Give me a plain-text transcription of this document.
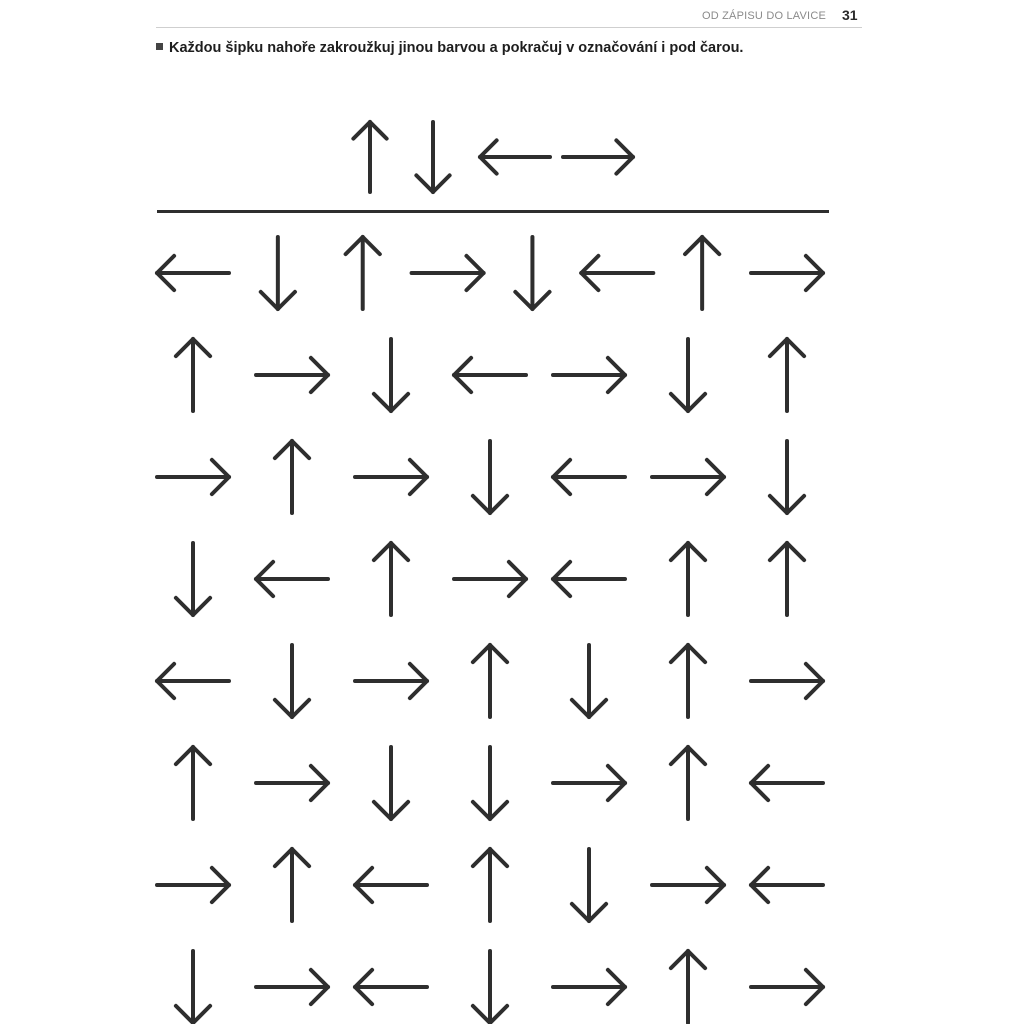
OD ZÁPISU DO LAVICE 31
Každou šipku nahoře zakroužkuj jinou barvou a pokračuj v označování i pod čarou.
